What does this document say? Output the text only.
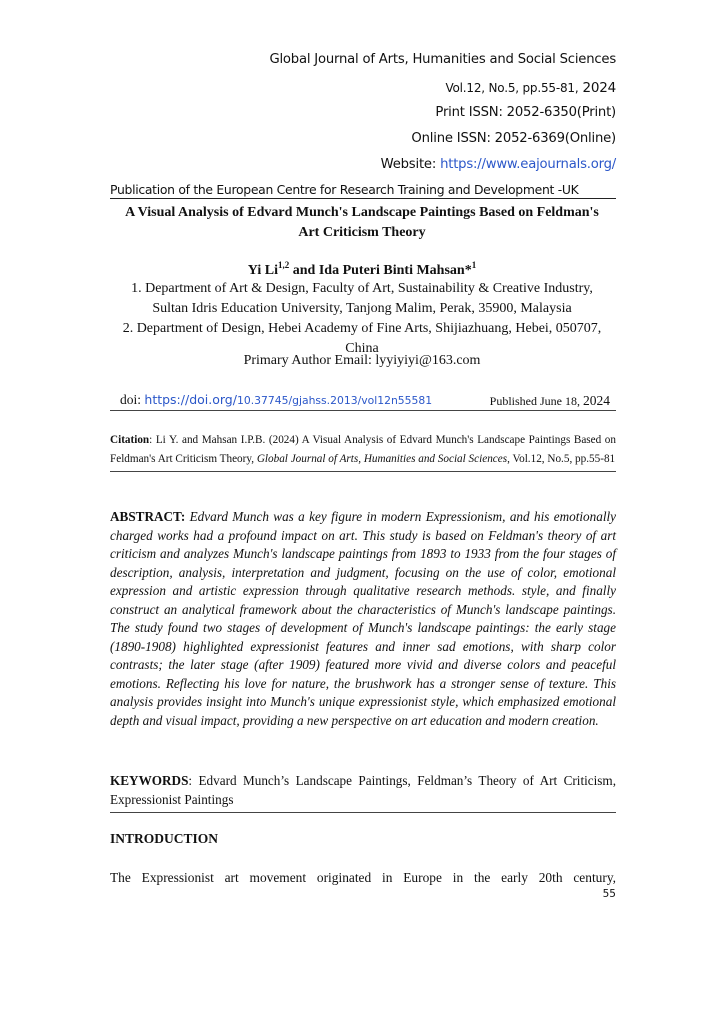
Global Journal of Arts, Humanities and Social Sciences
Vol.12, No.5, pp.55-81, 2024
Print ISSN: 2052-6350(Print)
Online ISSN: 2052-6369(Online)
Website: https://www.eajournals.org/
Publication of the European Centre for Research Training and Development -UK
A Visual Analysis of Edvard Munch's Landscape Paintings Based on Feldman's
Art Criticism Theory
Yi Li$^{1,2}$ and Ida Puteri Binti Mahsan*$^1$
1. Department of Art & Design, Faculty of Art, Sustainability & Creative Industry,
Sultan Idris Education University, Tanjong Malim, Perak, 35900, Malaysia
2. Department of Design, Hebei Academy of Fine Arts, Shijiazhuang, Hebei, 050707,
China
Primary Author Email: lyyiyiyi@163.com
doi: https://doi.org/10.37745/gjahss.2013/vol12n55581	Published June 18, 2024
Citation: Li Y. and Mahsan I.P.B. (2024) A Visual Analysis of Edvard Munch's Landscape Paintings Based on Feldman's Art Criticism Theory, Global Journal of Arts, Humanities and Social Sciences, Vol.12, No.5, pp.55-81
ABSTRACT: Edvard Munch was a key figure in modern Expressionism, and his emotionally charged works had a profound impact on art. This study is based on Feldman's theory of art criticism and analyzes Munch's landscape paintings from 1893 to 1933 from the four stages of description, analysis, interpretation and judgment, focusing on the use of color, emotional expression and artistic expression through qualitative research methods. style, and finally construct an analytical framework about the characteristics of Munch's landscape paintings. The study found two stages of development of Munch's landscape paintings: the early stage (1890-1908) highlighted expressionist features and inner sad emotions, with sharp color contrasts; the later stage (after 1909) featured more vivid and diverse colors and peaceful emotions. Reflecting his love for nature, the brushwork has a stronger sense of texture. This analysis provides insight into Munch's unique expressionist style, which emphasized emotional depth and visual impact, providing a new perspective on art education and modern creation.
KEYWORDS: Edvard Munch’s Landscape Paintings, Feldman’s Theory of Art Criticism, Expressionist Paintings
INTRODUCTION
The Expressionist art movement originated in Europe in the early 20th century,
55
